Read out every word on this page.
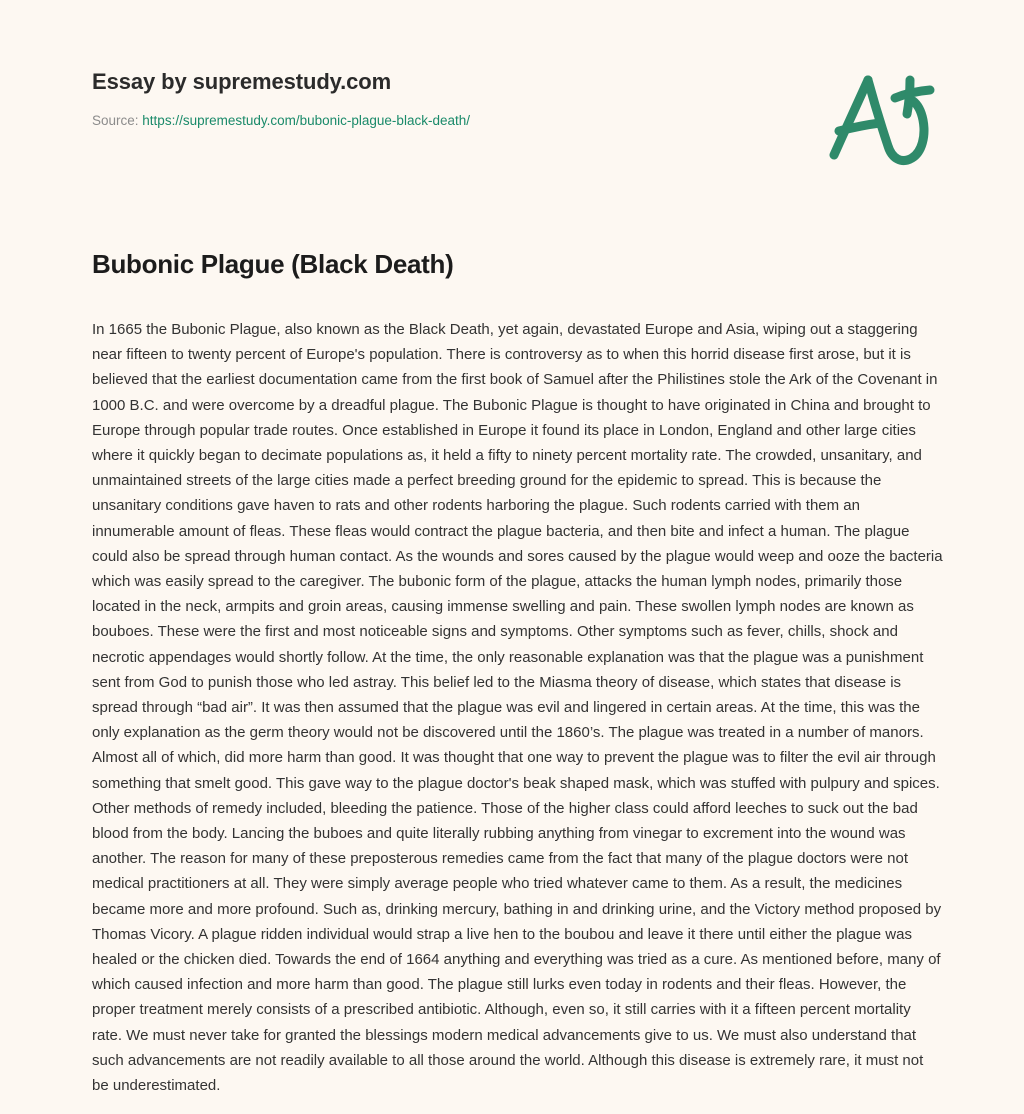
Essay by supremestudy.com
Source: https://supremestudy.com/bubonic-plague-black-death/
Bubonic Plague (Black Death)

In 1665 the Bubonic Plague, also known as the Black Death, yet again, devastated Europe and Asia, wiping out a staggering near fifteen to twenty percent of Europe's population. There is controversy as to when this horrid disease first arose, but it is believed that the earliest documentation came from the first book of Samuel after the Philistines stole the Ark of the Covenant in 1000 B.C. and were overcome by a dreadful plague. The Bubonic Plague is thought to have originated in China and brought to Europe through popular trade routes. Once established in Europe it found its place in London, England and other large cities where it quickly began to decimate populations as, it held a fifty to ninety percent mortality rate. The crowded, unsanitary, and unmaintained streets of the large cities made a perfect breeding ground for the epidemic to spread. This is because the unsanitary conditions gave haven to rats and other rodents harboring the plague. Such rodents carried with them an innumerable amount of fleas. These fleas would contract the plague bacteria, and then bite and infect a human. The plague could also be spread through human contact. As the wounds and sores caused by the plague would weep and ooze the bacteria which was easily spread to the caregiver. The bubonic form of the plague, attacks the human lymph nodes, primarily those located in the neck, armpits and groin areas, causing immense swelling and pain. These swollen lymph nodes are known as bouboes. These were the first and most noticeable signs and symptoms. Other symptoms such as fever, chills, shock and necrotic appendages would shortly follow. At the time, the only reasonable explanation was that the plague was a punishment sent from God to punish those who led astray. This belief led to the Miasma theory of disease, which states that disease is spread through “bad air”. It was then assumed that the plague was evil and lingered in certain areas. At the time, this was the only explanation as the germ theory would not be discovered until the 1860’s. The plague was treated in a number of manors. Almost all of which, did more harm than good. It was thought that one way to prevent the plague was to filter the evil air through something that smelt good. This gave way to the plague doctor's beak shaped mask, which was stuffed with pulpury and spices. Other methods of remedy included, bleeding the patience. Those of the higher class could afford leeches to suck out the bad blood from the body. Lancing the buboes and quite literally rubbing anything from vinegar to excrement into the wound was another. The reason for many of these preposterous remedies came from the fact that many of the plague doctors were not medical practitioners at all. They were simply average people who tried whatever came to them. As a result, the medicines became more and more profound. Such as, drinking mercury, bathing in and drinking urine, and the Victory method proposed by Thomas Vicory. A plague ridden individual would strap a live hen to the boubou and leave it there until either the plague was healed or the chicken died. Towards the end of 1664 anything and everything was tried as a cure. As mentioned before, many of which caused infection and more harm than good. The plague still lurks even today in rodents and their fleas. However, the proper treatment merely consists of a prescribed antibiotic. Although, even so, it still carries with it a fifteen percent mortality rate. We must never take for granted the blessings modern medical advancements give to us. We must also understand that such advancements are not readily available to all those around the world. Although this disease is extremely rare, it must not be underestimated.
